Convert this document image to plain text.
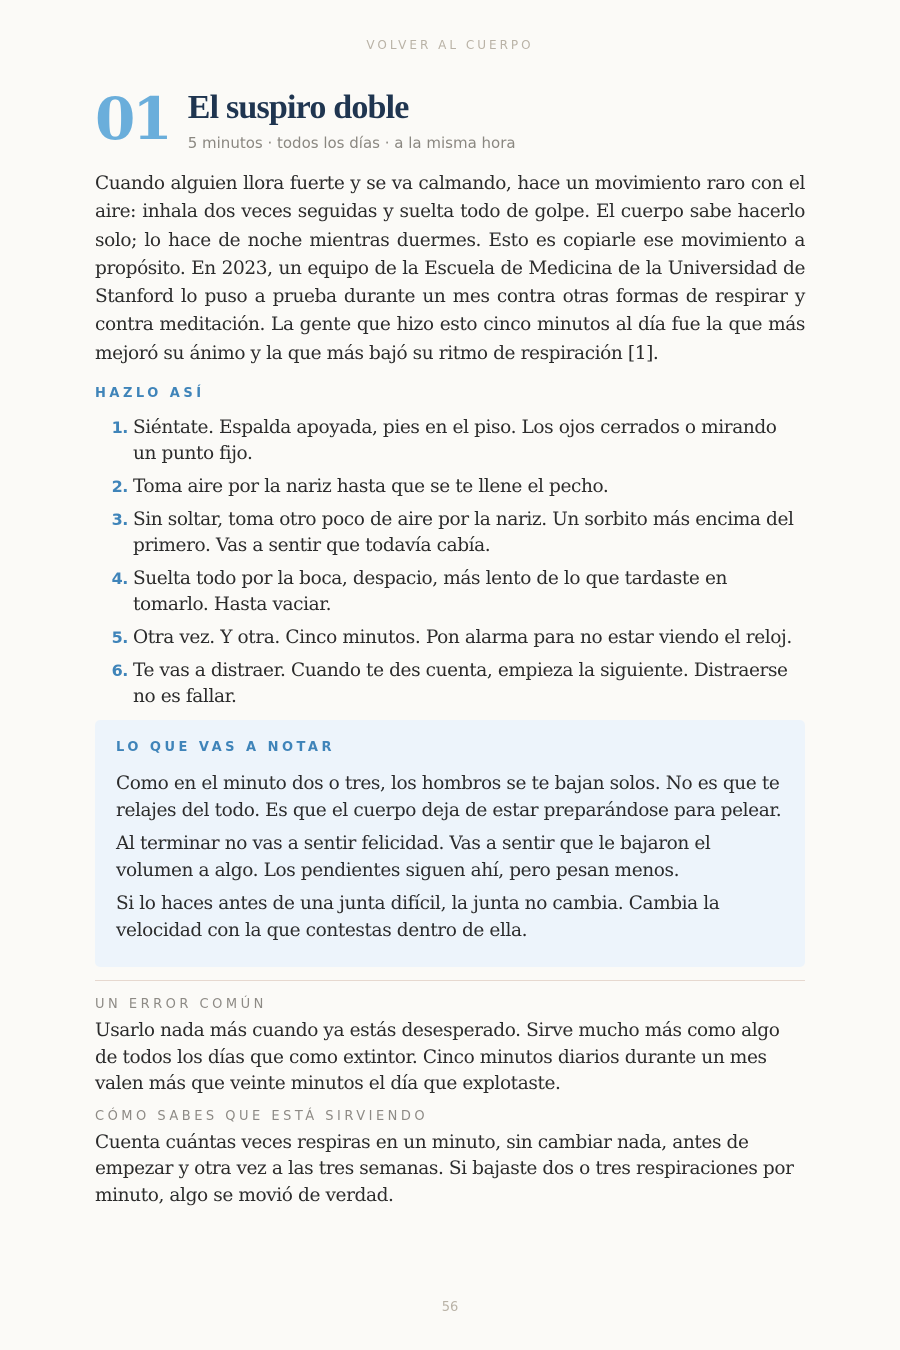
VOLVER AL CUERPO
01 El suspiro doble
5 minutos · todos los días · a la misma hora

Cuando alguien llora fuerte y se va calmando, hace un movimiento raro con el aire: inhala dos veces seguidas y suelta todo de golpe. El cuerpo sabe hacerlo solo; lo hace de noche mientras duermes. Esto es copiarle ese movimiento a propósito. En 2023, un equipo de la Escuela de Medicina de la Universidad de Stanford lo puso a prueba durante un mes contra otras formas de respirar y contra meditación. La gente que hizo esto cinco minutos al día fue la que más mejoró su ánimo y la que más bajó su ritmo de respiración [1].

HAZLO ASÍ
1. Siéntate. Espalda apoyada, pies en el piso. Los ojos cerrados o mirando un punto fijo.
2. Toma aire por la nariz hasta que se te llene el pecho.
3. Sin soltar, toma otro poco de aire por la nariz. Un sorbito más encima del primero. Vas a sentir que todavía cabía.
4. Suelta todo por la boca, despacio, más lento de lo que tardaste en tomarlo. Hasta vaciar.
5. Otra vez. Y otra. Cinco minutos. Pon alarma para no estar viendo el reloj.
6. Te vas a distraer. Cuando te des cuenta, empieza la siguiente. Distraerse no es fallar.
LO QUE VAS A NOTAR

Como en el minuto dos o tres, los hombros se te bajan solos. No es que te relajes del todo. Es que el cuerpo deja de estar preparándose para pelear.

Al terminar no vas a sentir felicidad. Vas a sentir que le bajaron el volumen a algo. Los pendientes siguen ahí, pero pesan menos.

Si lo haces antes de una junta difícil, la junta no cambia. Cambia la velocidad con la que contestas dentro de ella.

UN ERROR COMÚN

Usarlo nada más cuando ya estás desesperado. Sirve mucho más como algo de todos los días que como extintor. Cinco minutos diarios durante un mes valen más que veinte minutos el día que explotaste.

CÓMO SABES QUE ESTÁ SIRVIENDO

Cuenta cuántas veces respiras en un minuto, sin cambiar nada, antes de empezar y otra vez a las tres semanas. Si bajaste dos o tres respiraciones por minuto, algo se movió de verdad.

56
